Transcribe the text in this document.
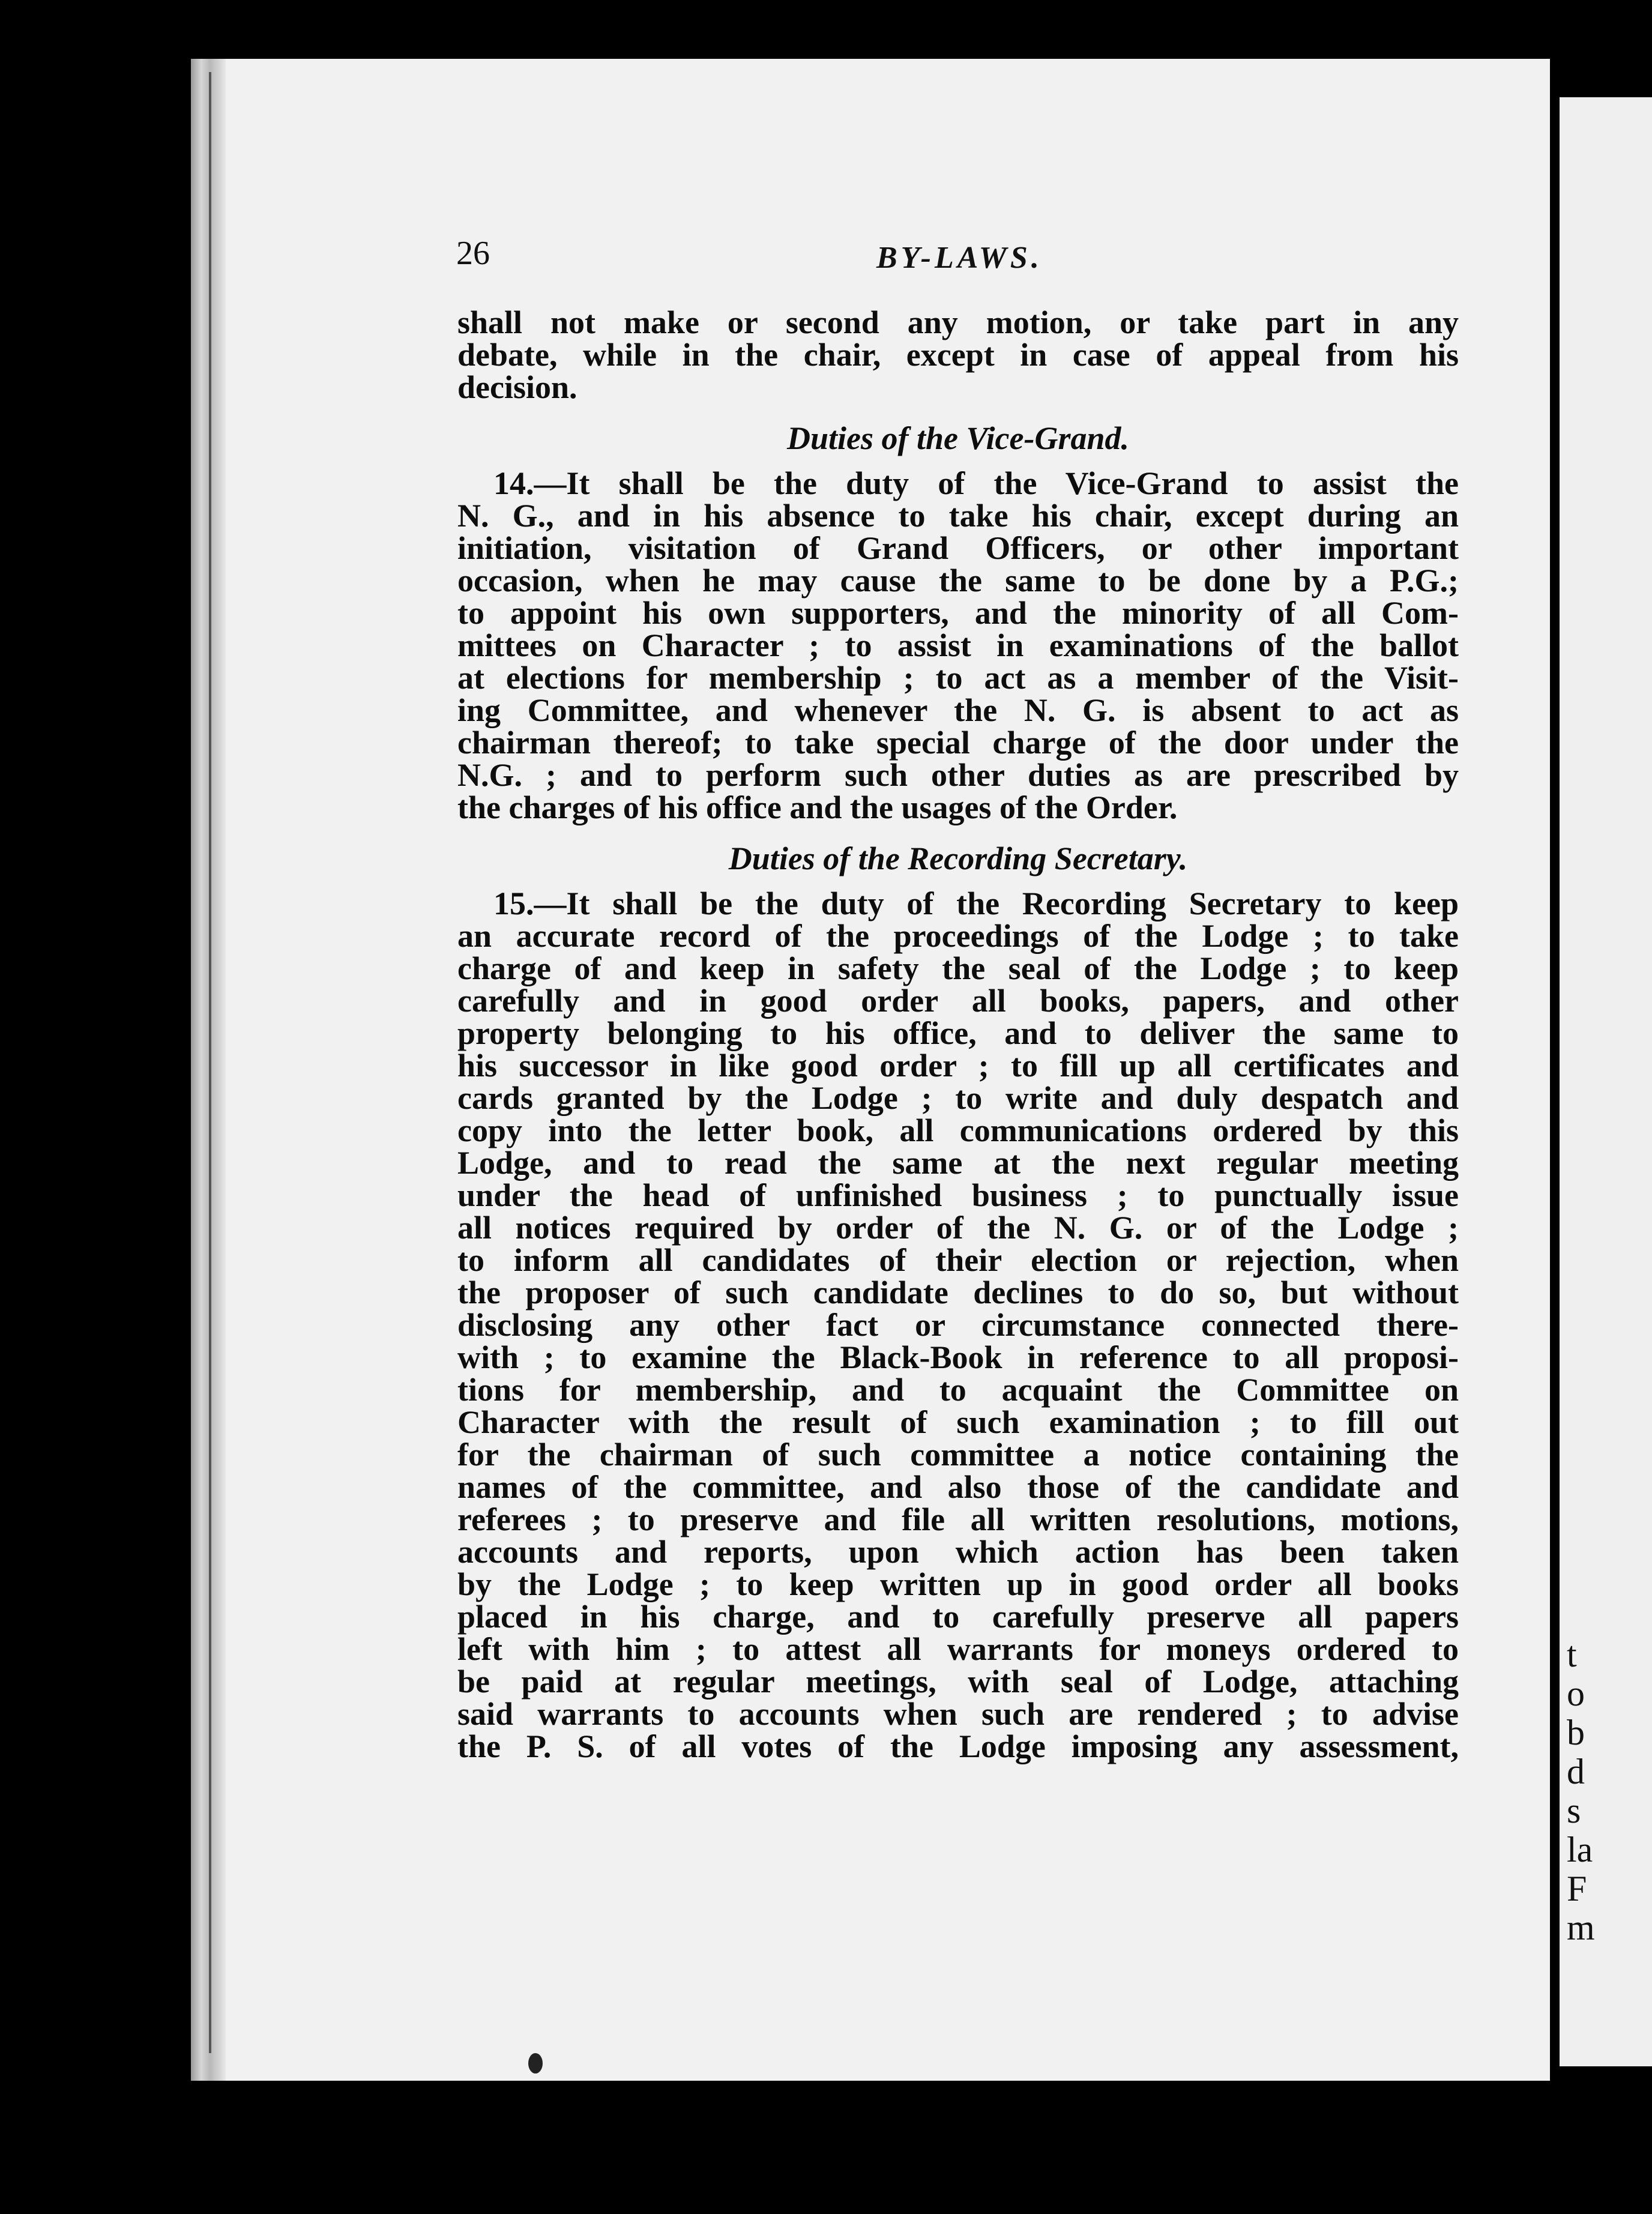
t
o
b
d
s
la
F
m
26	BY-LAWS.
shall not make or second any motion, or take part in any
debate, while in the chair, except in case of appeal from his
decision.
Duties of the Vice-Grand.
14.—It shall be the duty of the Vice-Grand to assist the
N. G., and in his absence to take his chair, except during an
initiation, visitation of Grand Officers, or other important
occasion, when he may cause the same to be done by a P.G.;
to appoint his own supporters, and the minority of all Com-
mittees on Character ; to assist in examinations of the ballot
at elections for membership ; to act as a member of the Visit-
ing Committee, and whenever the N. G. is absent to act as
chairman thereof; to take special charge of the door under the
N.G. ; and to perform such other duties as are prescribed by
the charges of his office and the usages of the Order.
Duties of the Recording Secretary.
15.—It shall be the duty of the Recording Secretary to keep
an accurate record of the proceedings of the Lodge ; to take
charge of and keep in safety the seal of the Lodge ; to keep
carefully and in good order all books, papers, and other
property belonging to his office, and to deliver the same to
his successor in like good order ; to fill up all certificates and
cards granted by the Lodge ; to write and duly despatch and
copy into the letter book, all communications ordered by this
Lodge, and to read the same at the next regular meeting
under the head of unfinished business ; to punctually issue
all notices required by order of the N. G. or of the Lodge ;
to inform all candidates of their election or rejection, when
the proposer of such candidate declines to do so, but without
disclosing any other fact or circumstance connected there-
with ; to examine the Black-Book in reference to all proposi-
tions for membership, and to acquaint the Committee on
Character with the result of such examination ; to fill out
for the chairman of such committee a notice containing the
names of the committee, and also those of the candidate and
referees ; to preserve and file all written resolutions, motions,
accounts and reports, upon which action has been taken
by the Lodge ; to keep written up in good order all books
placed in his charge, and to carefully preserve all papers
left with him ; to attest all warrants for moneys ordered to
be paid at regular meetings, with seal of Lodge, attaching
said warrants to accounts when such are rendered ; to advise
the P. S. of all votes of the Lodge imposing any assessment,
